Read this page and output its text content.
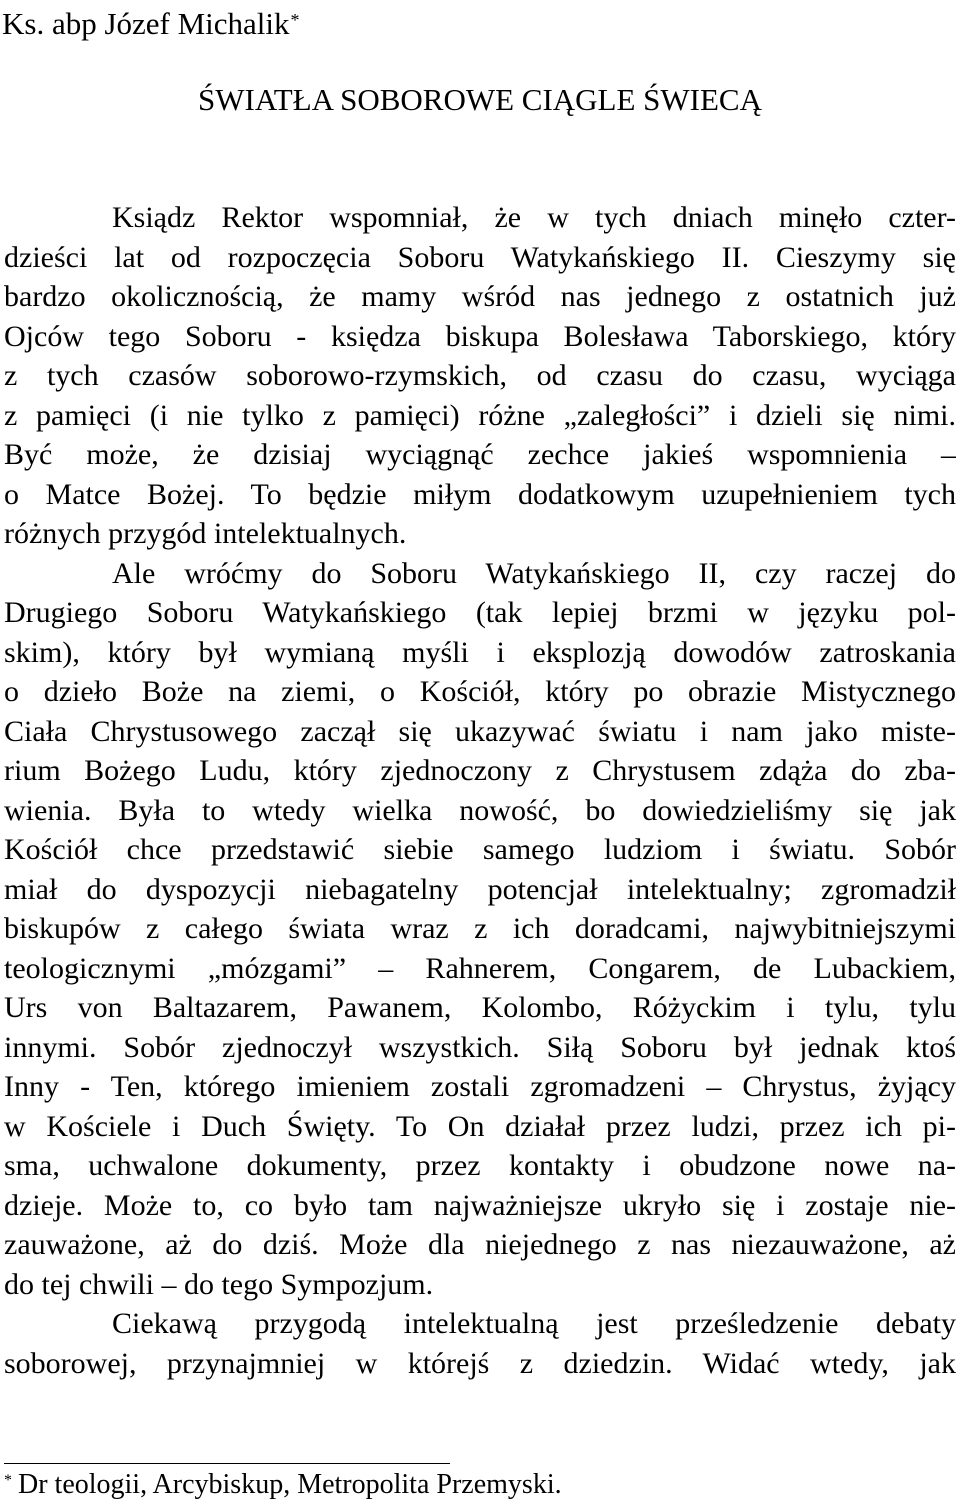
Ks. abp Józef Michalik*
ŚWIATŁA SOBOROWE CIĄGLE ŚWIECĄ
Ksiądz Rektor wspomniał, że w tych dniach minęło czter-
dzieści lat od rozpoczęcia Soboru Watykańskiego II. Cieszymy się
bardzo okolicznością, że mamy wśród nas jednego z ostatnich już
Ojców tego Soboru - księdza biskupa Bolesława Taborskiego, który
z tych czasów soborowo-rzymskich, od czasu do czasu, wyciąga
z pamięci (i nie tylko z pamięci) różne „zaległości” i dzieli się nimi.
Być może, że dzisiaj wyciągnąć zechce jakieś wspomnienia –
o Matce Bożej. To będzie miłym dodatkowym uzupełnieniem tych
różnych przygód intelektualnych.
Ale wróćmy do Soboru Watykańskiego II, czy raczej do
Drugiego Soboru Watykańskiego (tak lepiej brzmi w języku pol-
skim), który był wymianą myśli i eksplozją dowodów zatroskania
o dzieło Boże na ziemi, o Kościół, który po obrazie Mistycznego
Ciała Chrystusowego zaczął się ukazywać światu i nam jako miste-
rium Bożego Ludu, który zjednoczony z Chrystusem zdąża do zba-
wienia. Była to wtedy wielka nowość, bo dowiedzieliśmy się jak
Kościół chce przedstawić siebie samego ludziom i światu. Sobór
miał do dyspozycji niebagatelny potencjał intelektualny; zgromadził
biskupów z całego świata wraz z ich doradcami, najwybitniejszymi
teologicznymi „mózgami” – Rahnerem, Congarem, de Lubackiem,
Urs von Baltazarem, Pawanem, Kolombo, Różyckim i tylu, tylu
innymi. Sobór zjednoczył wszystkich. Siłą Soboru był jednak ktoś
Inny - Ten, którego imieniem zostali zgromadzeni – Chrystus, żyjący
w Kościele i Duch Święty. To On działał przez ludzi, przez ich pi-
sma, uchwalone dokumenty, przez kontakty i obudzone nowe na-
dzieje. Może to, co było tam najważniejsze ukryło się i zostaje nie-
zauważone, aż do dziś. Może dla niejednego z nas niezauważone, aż
do tej chwili – do tego Sympozjum.
Ciekawą przygodą intelektualną jest prześledzenie debaty
soborowej, przynajmniej w którejś z dziedzin. Widać wtedy, jak
* Dr teologii, Arcybiskup, Metropolita Przemyski.
